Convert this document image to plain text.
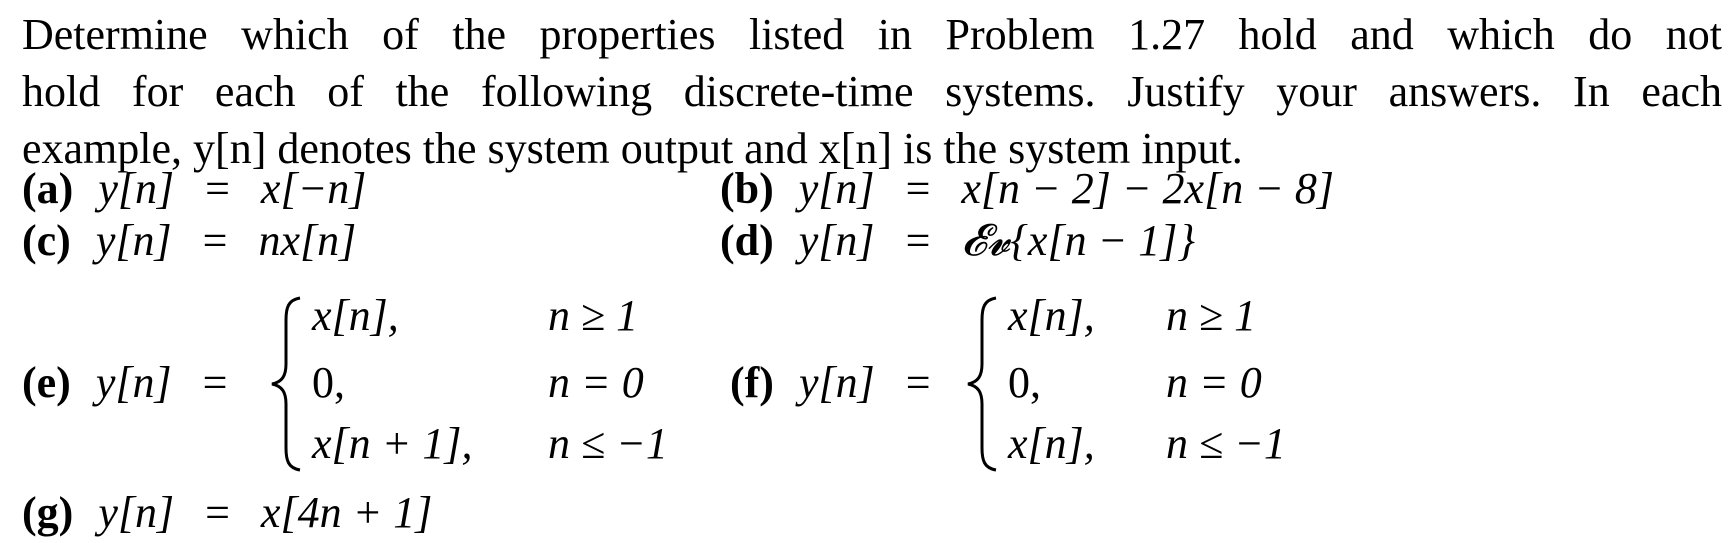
Determine which of the properties listed in Problem 1.27 hold and which do not
hold for each of the following discrete-time systems. Justify your answers. In each
example, y[n] denotes the system output and x[n] is the system input.
(a) y[n] = x[−n]	(b) y[n] = x[n − 2] − 2x[n − 8]
(c) y[n] = nx[n]	(d) y[n] = 𝓔𝓿{x[n − 1]}
(e) y[n] =
x[n],	n ≥ 1
0,	n = 0
x[n + 1], n ≤ −1
(f) y[n] =
x[n], n ≥ 1
0,	n = 0
x[n], n ≤ −1
(g) y[n] = x[4n + 1]
